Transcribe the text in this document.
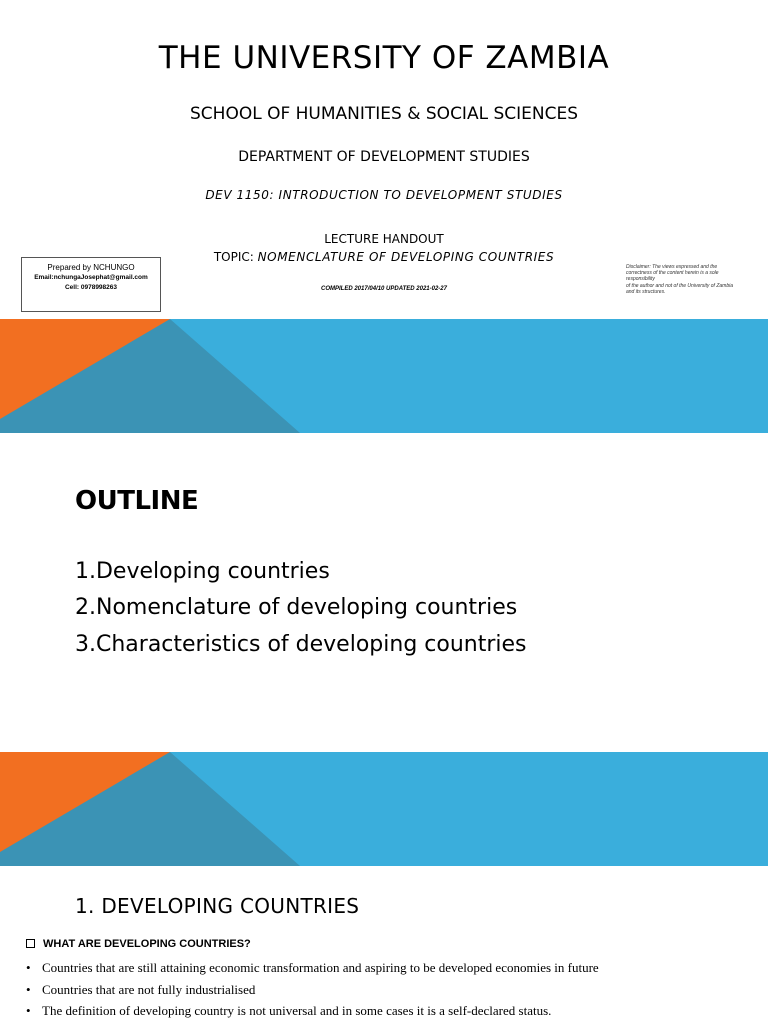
THE UNIVERSITY OF ZAMBIA
SCHOOL OF HUMANITIES & SOCIAL SCIENCES
DEPARTMENT OF DEVELOPMENT STUDIES
DEV 1150: INTRODUCTION TO DEVELOPMENT STUDIES
LECTURE HANDOUT
TOPIC: NOMENCLATURE OF DEVELOPING COUNTRIES
COMPILED 2017/04/10 UPDATED 2021-02-27
Prepared by NCHUNGO
Email:nchungaJosephat@gmail.com
Cell: 0978998263
Disclaimer: The views expressed and the
correctness of the content herein is a sole
responsibility
of the author and not of the University of Zambia
and its structures.
OUTLINE
1.Developing countries
2.Nomenclature of developing countries
3.Characteristics of developing countries
1. DEVELOPING COUNTRIES
WHAT ARE DEVELOPING COUNTRIES?
• Countries that are still attaining economic transformation and aspiring to be developed economies in future
• Countries that are not fully industrialised
• The definition of developing country is not universal and in some cases it is a self-declared status.
